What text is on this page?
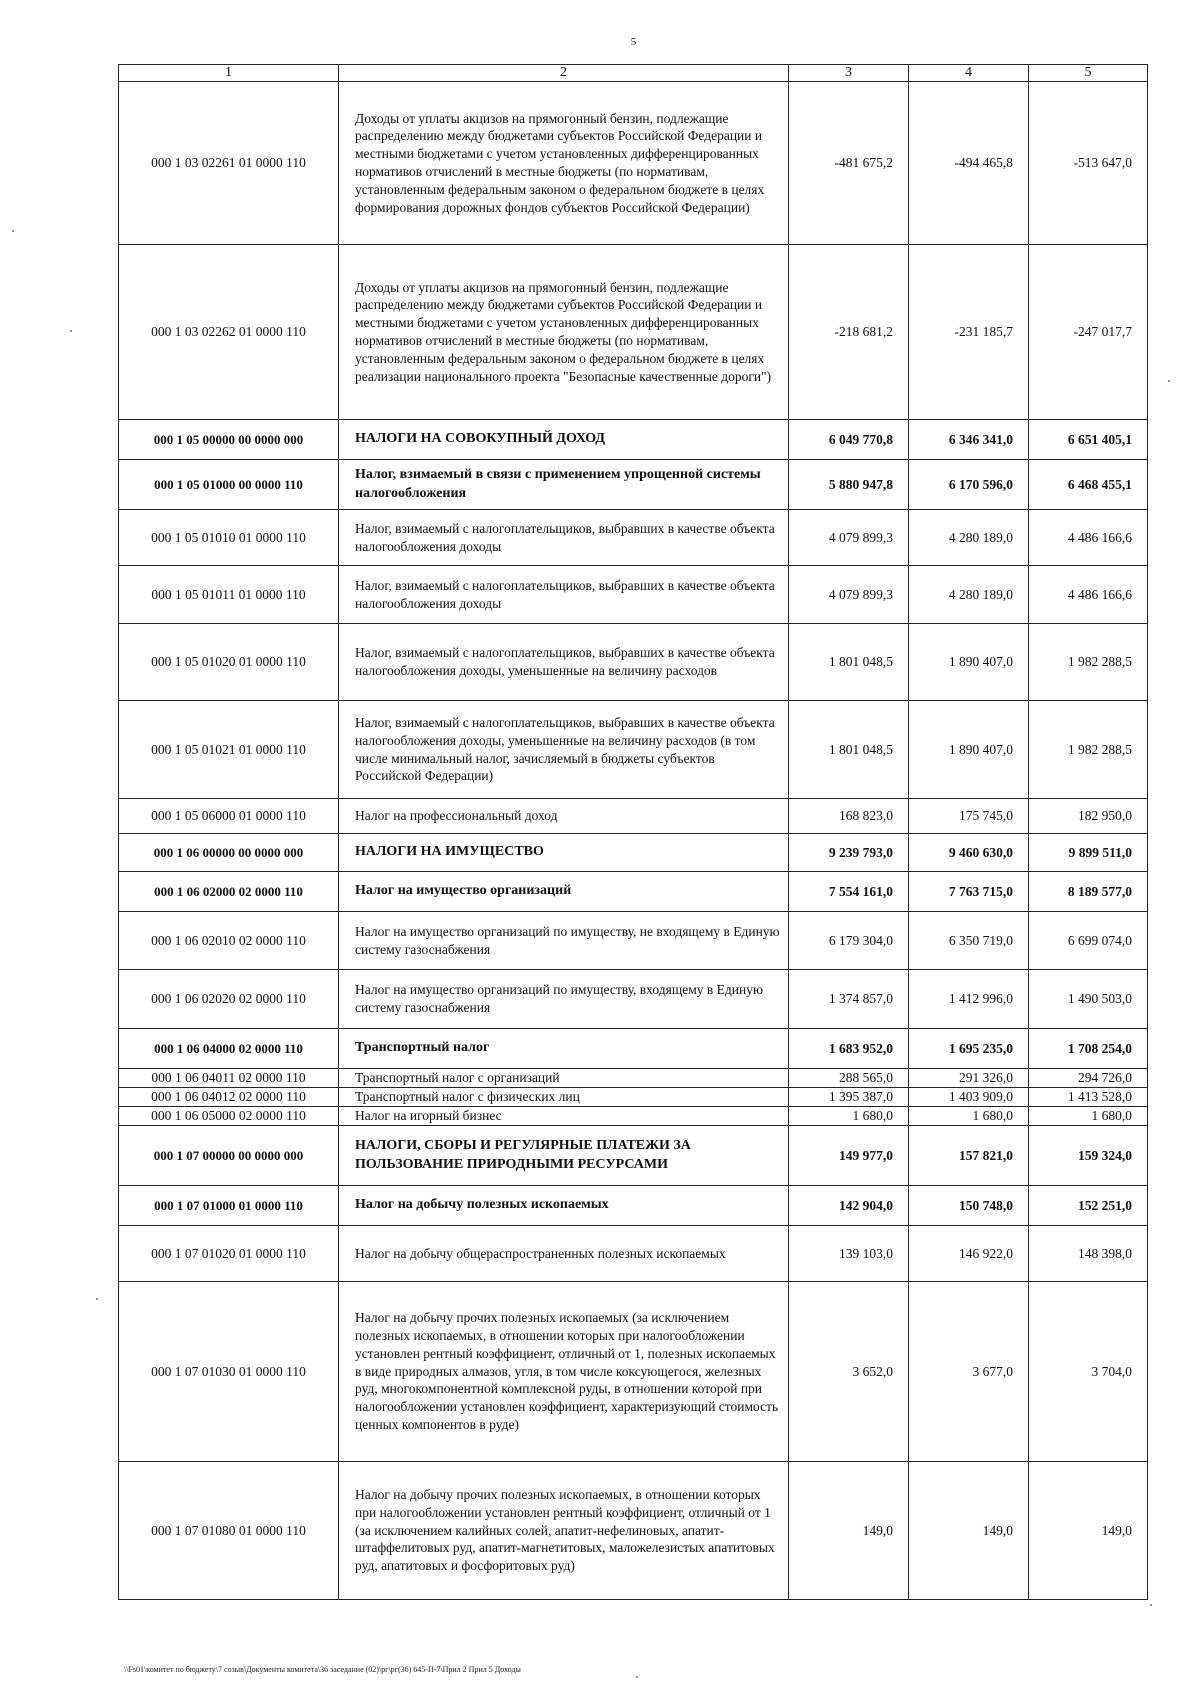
5
1	2	3	4	5
000 1 03 02261 01 0000 110	Доходы от уплаты акцизов на прямогонный бензин, подлежащие распределению между бюджетами субъектов Российской Федерации и местными бюджетами с учетом установленных дифференцированных нормативов отчислений в местные бюджеты (по нормативам, установленным федеральным законом о федеральном бюджете в целях формирования дорожных фондов субъектов Российской Федерации)	-481 675,2	-494 465,8	-513 647,0
000 1 03 02262 01 0000 110	Доходы от уплаты акцизов на прямогонный бензин, подлежащие распределению между бюджетами субъектов Российской Федерации и местными бюджетами с учетом установленных дифференцированных нормативов отчислений в местные бюджеты (по нормативам, установленным федеральным законом о федеральном бюджете в целях реализации национального проекта "Безопасные качественные дороги")	-218 681,2	-231 185,7	-247 017,7
000 1 05 00000 00 0000 000	НАЛОГИ НА СОВОКУПНЫЙ ДОХОД	6 049 770,8	6 346 341,0	6 651 405,1
000 1 05 01000 00 0000 110	Налог, взимаемый в связи с применением упрощенной системы налогообложения	5 880 947,8	6 170 596,0	6 468 455,1
000 1 05 01010 01 0000 110	Налог, взимаемый с налогоплательщиков, выбравших в качестве объекта налогообложения доходы	4 079 899,3	4 280 189,0	4 486 166,6
000 1 05 01011 01 0000 110	Налог, взимаемый с налогоплательщиков, выбравших в качестве объекта налогообложения доходы	4 079 899,3	4 280 189,0	4 486 166,6
000 1 05 01020 01 0000 110	Налог, взимаемый с налогоплательщиков, выбравших в качестве объекта налогообложения доходы, уменьшенные на величину расходов	1 801 048,5	1 890 407,0	1 982 288,5
000 1 05 01021 01 0000 110	Налог, взимаемый с налогоплательщиков, выбравших в качестве объекта налогообложения доходы, уменьшенные на величину расходов (в том числе минимальный налог, зачисляемый в бюджеты субъектов Российской Федерации)	1 801 048,5	1 890 407,0	1 982 288,5
000 1 05 06000 01 0000 110	Налог на профессиональный доход	168 823,0	175 745,0	182 950,0
000 1 06 00000 00 0000 000	НАЛОГИ НА ИМУЩЕСТВО	9 239 793,0	9 460 630,0	9 899 511,0
000 1 06 02000 02 0000 110	Налог на имущество организаций	7 554 161,0	7 763 715,0	8 189 577,0
000 1 06 02010 02 0000 110	Налог на имущество организаций по имуществу, не входящему в Единую систему газоснабжения	6 179 304,0	6 350 719,0	6 699 074,0
000 1 06 02020 02 0000 110	Налог на имущество организаций по имуществу, входящему в Единую систему газоснабжения	1 374 857,0	1 412 996,0	1 490 503,0
000 1 06 04000 02 0000 110	Транспортный налог	1 683 952,0	1 695 235,0	1 708 254,0
000 1 06 04011 02 0000 110	Транспортный налог с организаций	288 565,0	291 326,0	294 726,0
000 1 06 04012 02 0000 110	Транспортный налог с физических лиц	1 395 387,0	1 403 909,0	1 413 528,0
000 1 06 05000 02 0000 110	Налог на игорный бизнес	1 680,0	1 680,0	1 680,0
000 1 07 00000 00 0000 000	НАЛОГИ, СБОРЫ И РЕГУЛЯРНЫЕ ПЛАТЕЖИ ЗА ПОЛЬЗОВАНИЕ ПРИРОДНЫМИ РЕСУРСАМИ	149 977,0	157 821,0	159 324,0
000 1 07 01000 01 0000 110	Налог на добычу полезных ископаемых	142 904,0	150 748,0	152 251,0
000 1 07 01020 01 0000 110	Налог на добычу общераспространенных полезных ископаемых	139 103,0	146 922,0	148 398,0
000 1 07 01030 01 0000 110	Налог на добычу прочих полезных ископаемых (за исключением полезных ископаемых, в отношении которых при налогообложении установлен рентный коэффициент, отличный от 1, полезных ископаемых в виде природных алмазов, угля, в том числе коксующегося, железных руд, многокомпонентной комплексной руды, в отношении которой при налогообложении установлен коэффициент, характеризующий стоимость ценных компонентов в руде)	3 652,0	3 677,0	3 704,0
000 1 07 01080 01 0000 110	Налог на добычу прочих полезных ископаемых, в отношении которых при налогообложении установлен рентный коэффициент, отличный от 1 (за исключением калийных солей, апатит-нефелиновых, апатит-штаффелитовых руд, апатит-магнетитовых, маложелезистых апатитовых руд, апатитовых и фосфоритовых руд)	149,0	149,0	149,0
\\Fs01\комитет по бюджету\7 созыв\Документы комитета\36 заседание (02)\рг\рг(36) 645-П-7\Прил 2 Прил 5 Доходы
